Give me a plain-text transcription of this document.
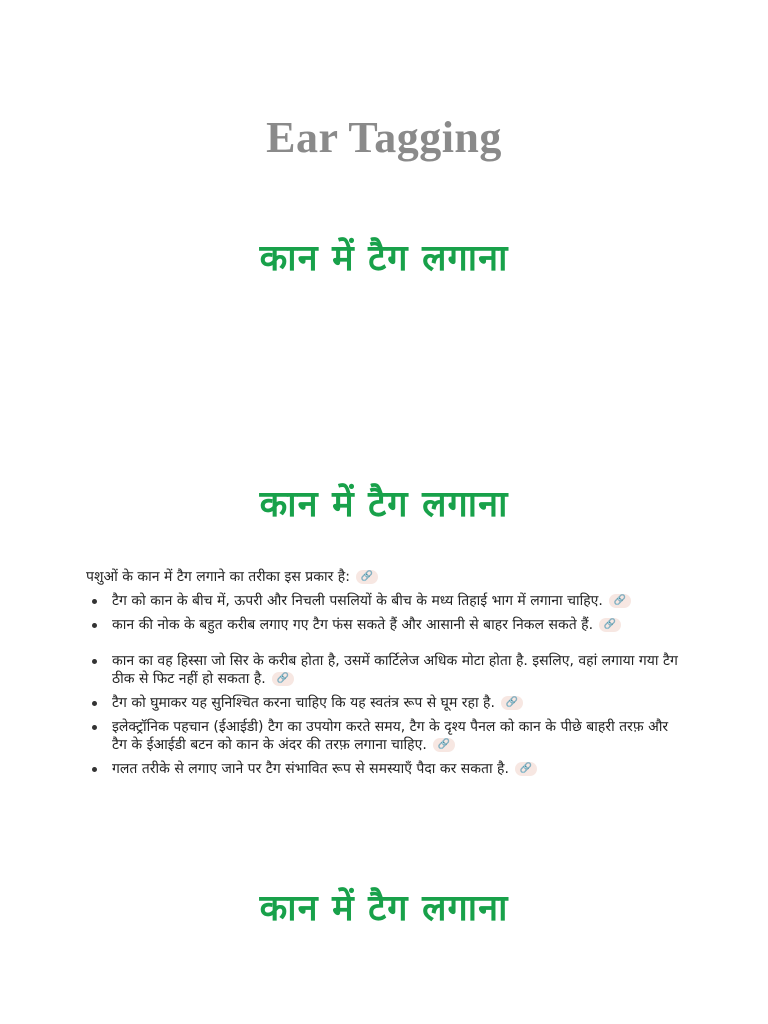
Ear Tagging
कान में टैग लगाना
कान में टैग लगाना

पशुओं के कान में टैग लगाने का तरीका इस प्रकार है: 🔗

टैग को कान के बीच में, ऊपरी और निचली पसलियों के बीच के मध्य तिहाई भाग में लगाना चाहिए. 🔗
कान की नोक के बहुत करीब लगाए गए टैग फंस सकते हैं और आसानी से बाहर निकल सकते हैं. 🔗
कान का वह हिस्सा जो सिर के करीब होता है, उसमें कार्टिलेज अधिक मोटा होता है. इसलिए, वहां लगाया गया टैग ठीक से फिट नहीं हो सकता है. 🔗
टैग को घुमाकर यह सुनिश्चित करना चाहिए कि यह स्वतंत्र रूप से घूम रहा है. 🔗
इलेक्ट्रॉनिक पहचान (ईआईडी) टैग का उपयोग करते समय, टैग के दृश्य पैनल को कान के पीछे बाहरी तरफ़ और टैग के ईआईडी बटन को कान के अंदर की तरफ़ लगाना चाहिए. 🔗
गलत तरीके से लगाए जाने पर टैग संभावित रूप से समस्याएँ पैदा कर सकता है. 🔗
कान में टैग लगाना
